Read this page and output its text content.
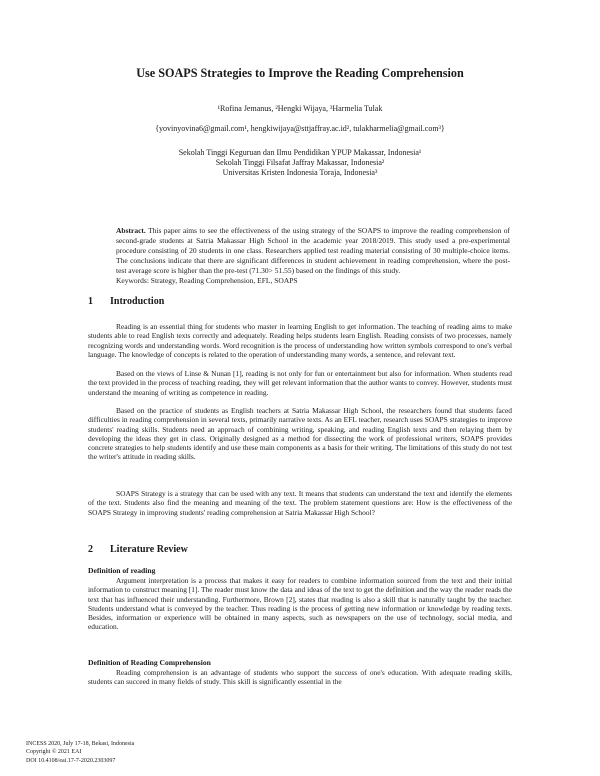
Use SOAPS Strategies to Improve the Reading Comprehension
¹Rofina Jemanus, ²Hengki Wijaya, ³Harmelia Tulak
{yovinyovina6@gmail.com¹, hengkiwijaya@sttjaffray.ac.id², tulakharmelia@gmail.com³}
Sekolah Tinggi Keguruan dan Ilmu Pendidikan YPUP Makassar, Indonesia¹
Sekolah Tinggi Filsafat Jaffray Makassar, Indonesia²
Universitas Kristen Indonesia Toraja, Indonesia³
Abstract. This paper aims to see the effectiveness of the using strategy of the SOAPS to improve the reading comprehension of second-grade students at Satria Makassar High School in the academic year 2018/2019. This study used a pre-experimental procedure consisting of 20 students in one class. Researchers applied test reading material consisting of 30 multiple-choice items. The conclusions indicate that there are significant differences in student achievement in reading comprehension, where the post-test average score is higher than the pre-test (71.30> 51.55) based on the findings of this study.
Keywords: Strategy, Reading Comprehension, EFL, SOAPS
1 Introduction
Reading is an essential thing for students who master in learning English to get information. The teaching of reading aims to make students able to read English texts correctly and adequately. Reading helps students learn English. Reading consists of two processes, namely recognizing words and understanding words. Word recognition is the process of understanding how written symbols correspond to one's verbal language. The knowledge of concepts is related to the operation of understanding many words, a sentence, and relevant text.
Based on the views of Linse & Nunan [1], reading is not only for fun or entertainment but also for information. When students read the text provided in the process of teaching reading, they will get relevant information that the author wants to convey. However, students must understand the meaning of writing as competence in reading.
Based on the practice of students as English teachers at Satria Makassar High School, the researchers found that students faced difficulties in reading comprehension in several texts, primarily narrative texts. As an EFL teacher, research uses SOAPS strategies to improve students' reading skills. Students need an approach of combining writing, speaking, and reading English texts and then relaying them by developing the ideas they get in class. Originally designed as a method for dissecting the work of professional writers, SOAPS provides concrete strategies to help students identify and use these main components as a basis for their writing. The limitations of this study do not test the writer's attitude in reading skills.
SOAPS Strategy is a strategy that can be used with any text. It means that students can understand the text and identify the elements of the text. Students also find the meaning and meaning of the text. The problem statement questions are: How is the effectiveness of the SOAPS Strategy in improving students' reading comprehension at Satria Makassar High School?
2 Literature Review
Definition of reading
Argument interpretation is a process that makes it easy for readers to combine information sourced from the text and their initial information to construct meaning [1]. The reader must know the data and ideas of the text to get the definition and the way the reader reads the text that has influenced their understanding. Furthermore, Brown [2], states that reading is also a skill that is naturally taught by the teacher. Students understand what is conveyed by the teacher. Thus reading is the process of getting new information or knowledge by reading texts. Besides, information or experience will be obtained in many aspects, such as newspapers on the use of technology, social media, and education.
Definition of Reading Comprehension
Reading comprehension is an advantage of students who support the success of one's education. With adequate reading skills, students can succeed in many fields of study. This skill is significantly essential in the
INCESS 2020, July 17-18, Bekasi, Indonesia
Copyright © 2021 EAI
DOI 10.4108/eai.17-7-2020.2303097
